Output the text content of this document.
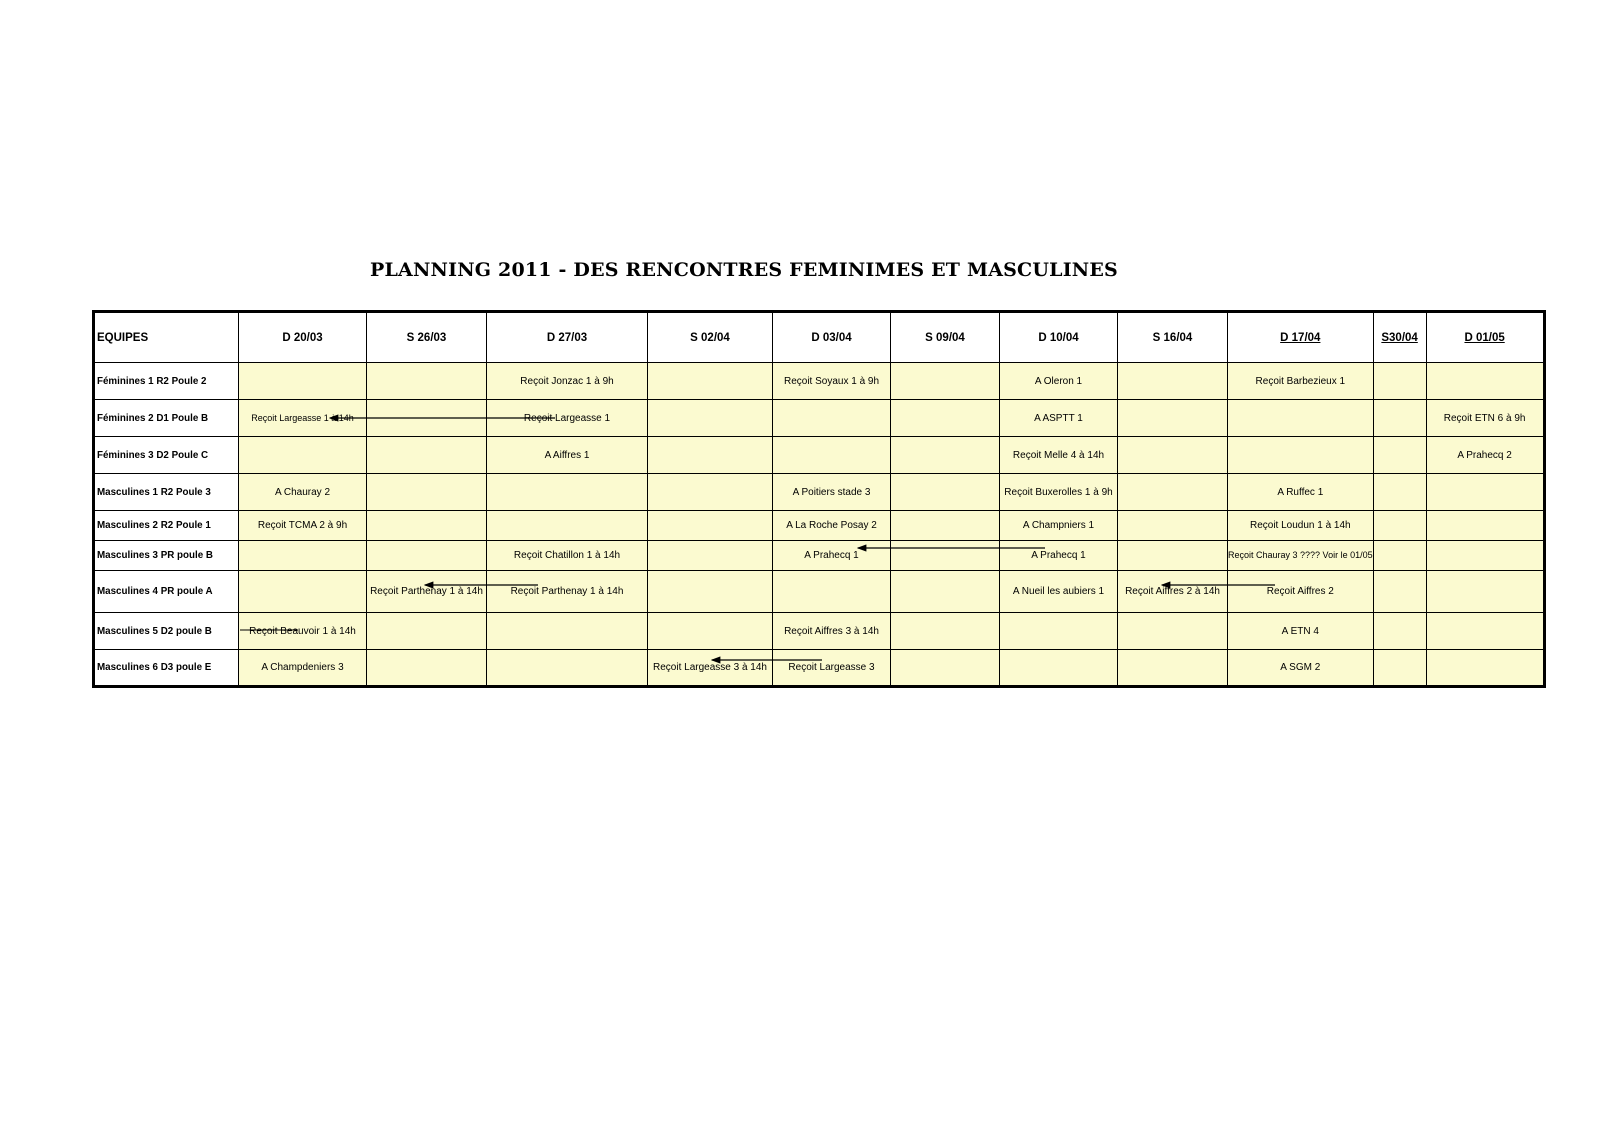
PLANNING 2011 - DES RENCONTRES FEMINIMES ET MASCULINES
EQUIPES	D 20/03	S 26/03	D 27/03	S 02/04	D 03/04	S 09/04	D 10/04	S 16/04	D 17/04	S30/04	D 01/05
Féminines 1 R2 Poule 2			Reçoit Jonzac 1 à 9h		Reçoit Soyaux 1 à 9h		A Oleron 1		Reçoit Barbezieux 1		
Féminines 2 D1 Poule B	Reçoit Largeasse 1 à 14h		Reçoit Largeasse 1				A ASPTT 1				Reçoit ETN 6 à 9h
Féminines 3 D2 Poule C			A Aiffres 1				Reçoit Melle 4 à 14h				A Prahecq 2
Masculines 1 R2 Poule 3	A Chauray 2				A Poitiers stade 3		Reçoit Buxerolles 1 à 9h		A Ruffec 1		
Masculines 2 R2 Poule 1	Reçoit TCMA 2 à 9h				A La Roche Posay 2		A Champniers 1		Reçoit Loudun 1 à 14h		
Masculines 3 PR poule B			Reçoit Chatillon 1 à 14h		A Prahecq 1		A Prahecq 1		Reçoit Chauray 3 ???? Voir le 01/05		
Masculines 4 PR poule A		Reçoit Parthenay 1 à 14h	Reçoit Parthenay 1 à 14h				A Nueil les aubiers 1	Reçoit Aiffres 2 à 14h	Reçoit Aiffres 2		
Masculines 5 D2 poule B	Reçoit Beauvoir 1 à 14h				Reçoit Aiffres 3 à 14h				A ETN 4		
Masculines 6 D3 poule E	A Champdeniers 3			Reçoit Largeasse 3 à 14h	Reçoit Largeasse 3				A SGM 2		
